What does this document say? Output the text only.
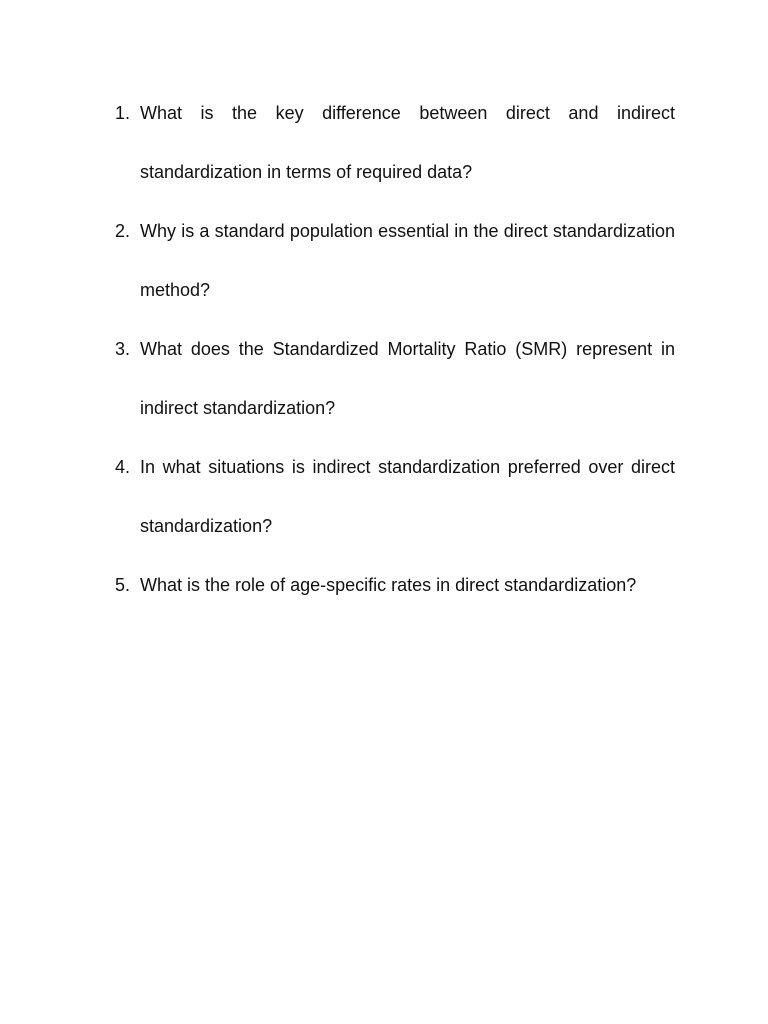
1. What is the key difference between direct and indirect standardization in terms of required data?
2. Why is a standard population essential in the direct standardization method?
3. What does the Standardized Mortality Ratio (SMR) represent in indirect standardization?
4. In what situations is indirect standardization preferred over direct standardization?
5. What is the role of age-specific rates in direct standardization?
